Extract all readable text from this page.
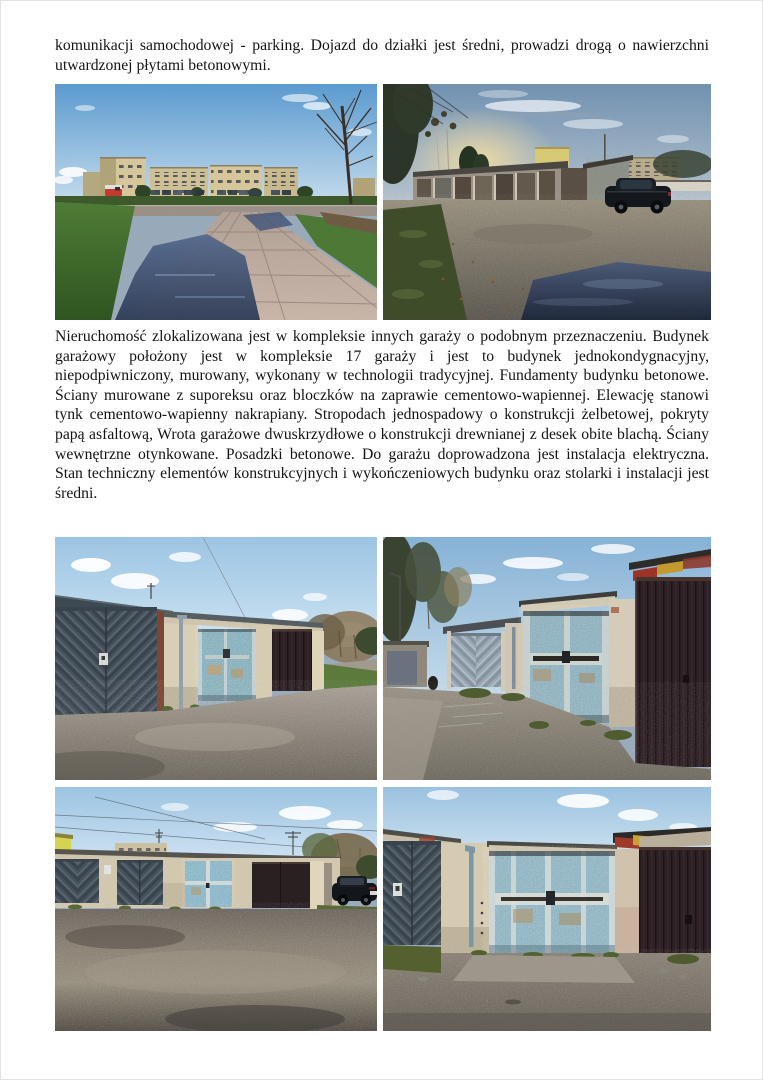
komunikacji samochodowej - parking. Dojazd do działki jest średni, prowadzi drogą o nawierzchni utwardzonej płytami betonowymi.

Nieruchomość zlokalizowana jest w kompleksie innych garaży o podobnym przeznaczeniu. Budynek garażowy położony jest w kompleksie 17 garaży i jest to budynek jednokondygnacyjny, niepodpiwniczony, murowany, wykonany w technologii tradycyjnej. Fundamenty budynku betonowe. Ściany murowane z suporeksu oraz bloczków na zaprawie cementowo-wapiennej. Elewację stanowi tynk cementowo-wapienny nakrapiany. Stropodach jednospadowy o konstrukcji żelbetowej, pokryty papą asfaltową, Wrota garażowe dwuskrzydłowe o konstrukcji drewnianej z desek obite blachą. Ściany wewnętrzne otynkowane. Posadzki betonowe. Do garażu doprowadzona jest instalacja elektryczna. Stan techniczny elementów konstrukcyjnych i wykończeniowych budynku oraz stolarki i instalacji jest średni.
